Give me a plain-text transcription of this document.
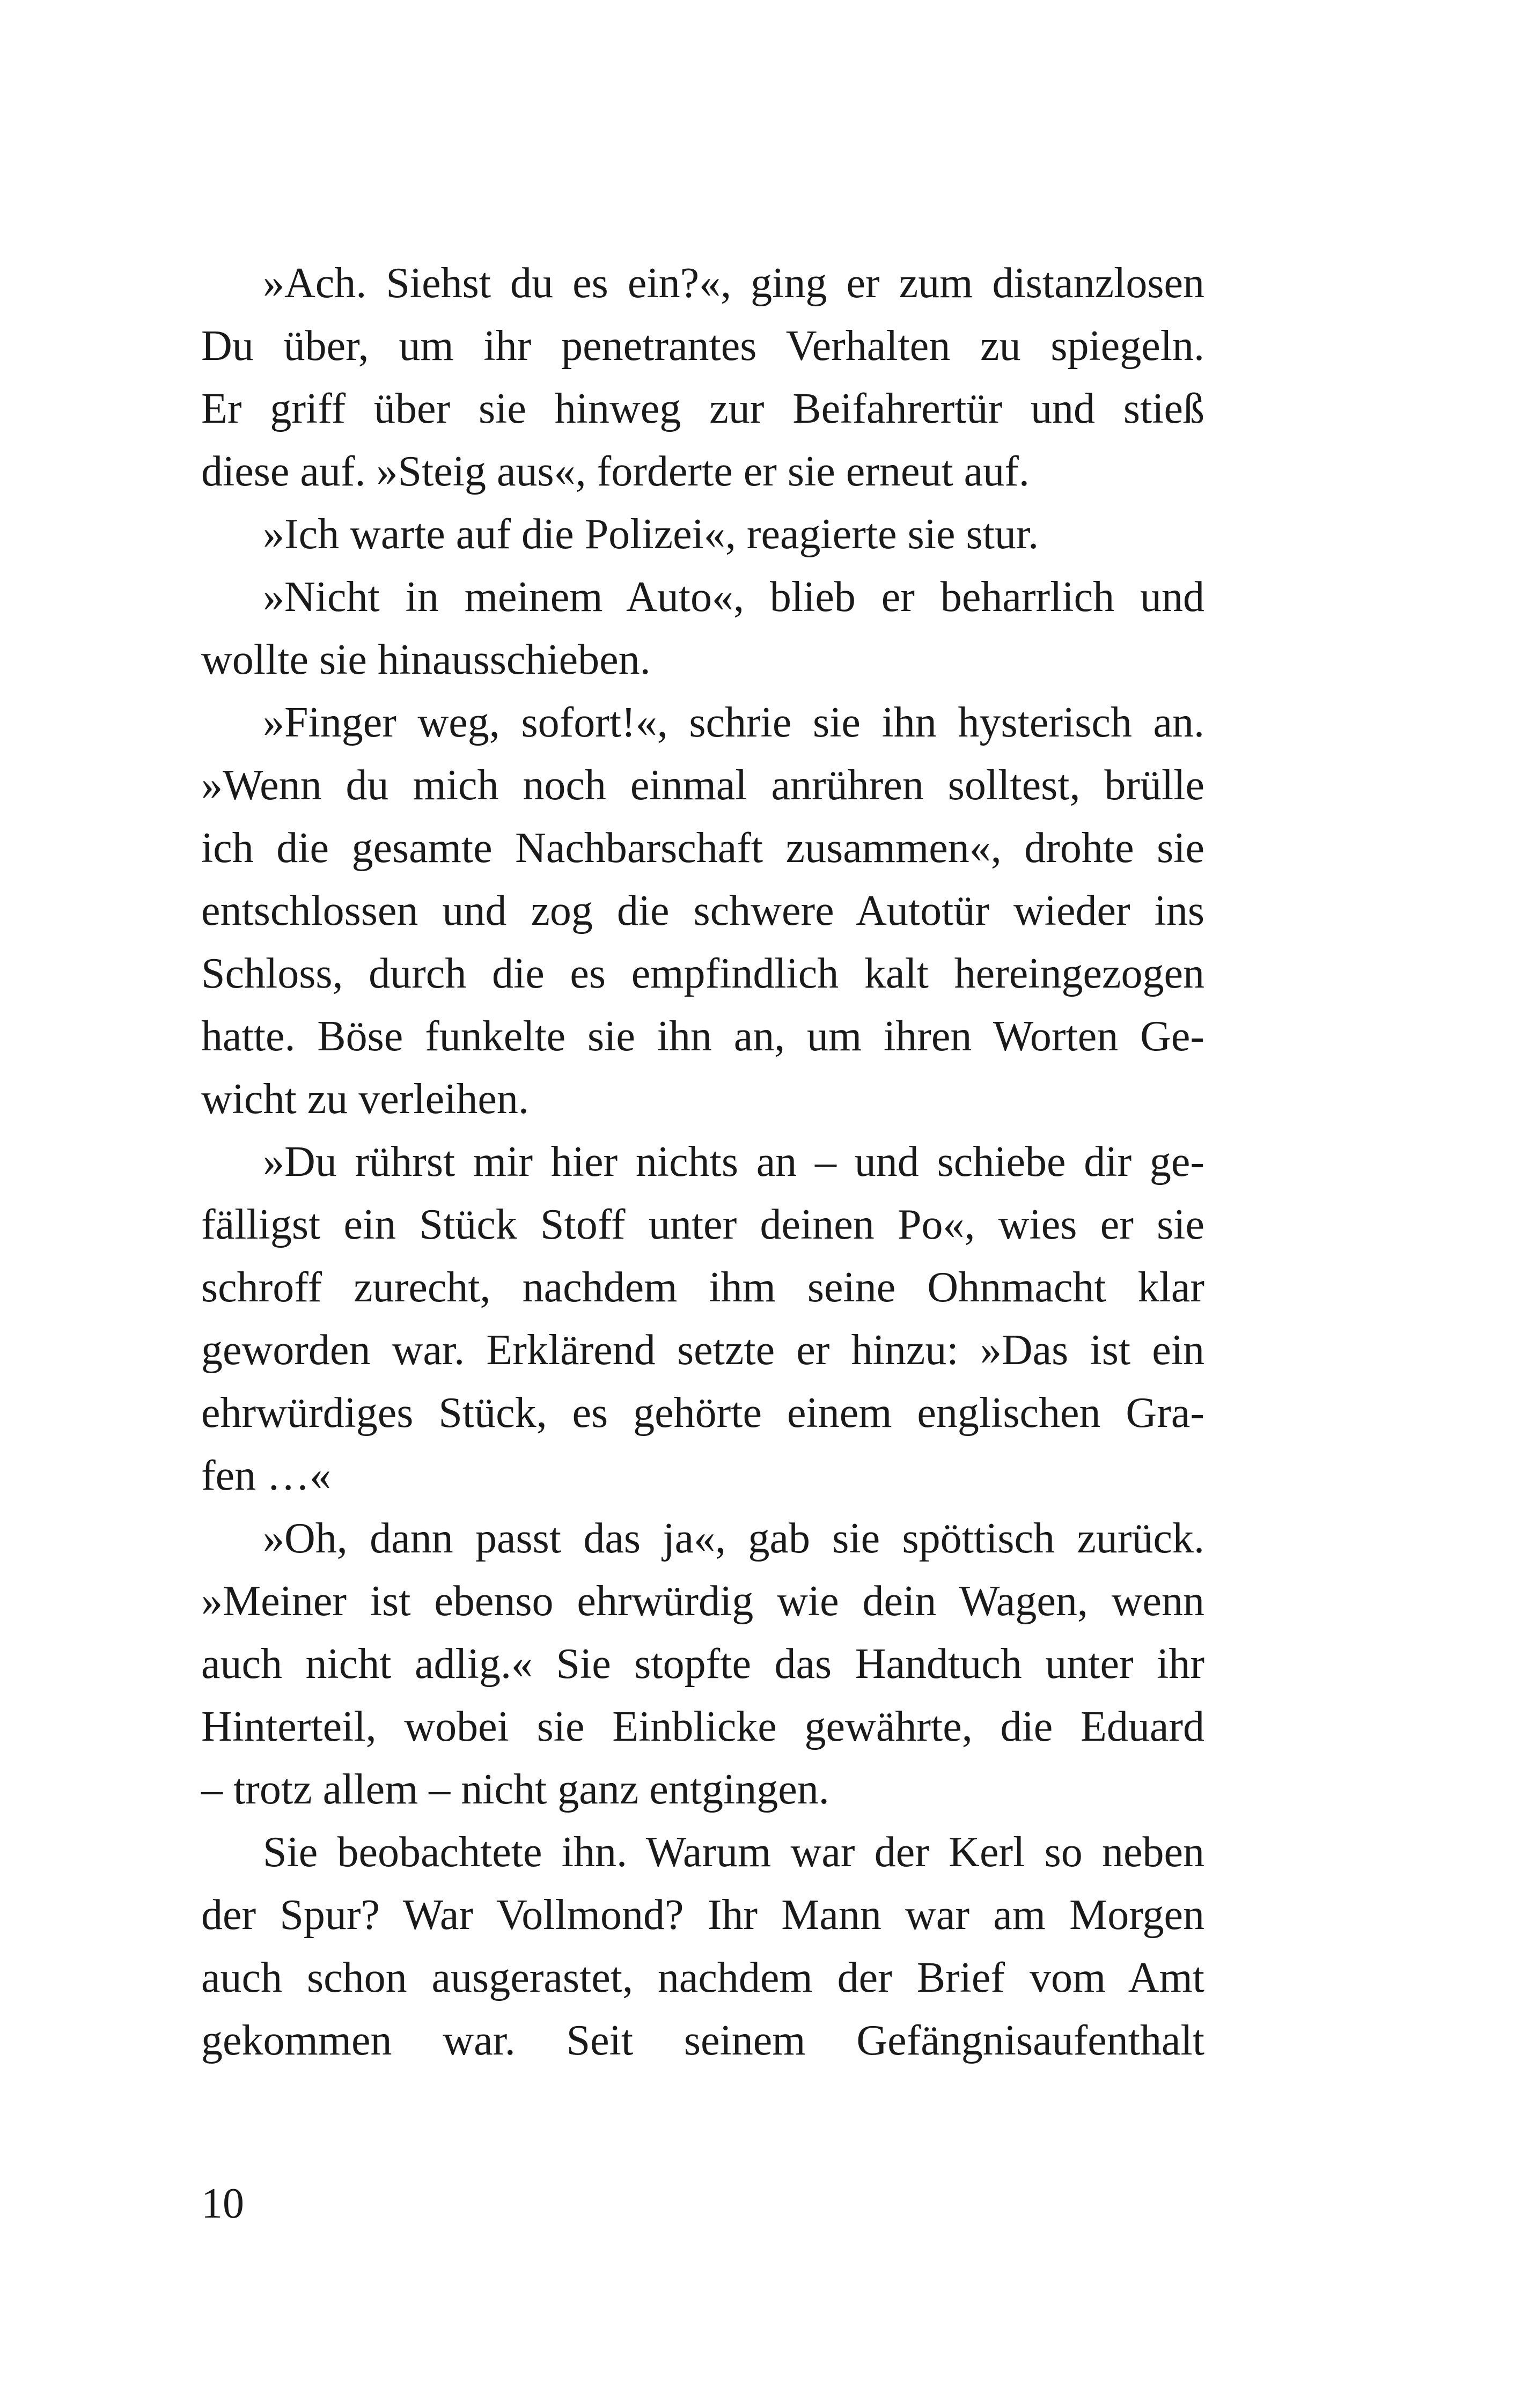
»Ach. Siehst du es ein?«, ging er zum distanzlosen
Du über, um ihr penetrantes Verhalten zu spiegeln.
Er griff über sie hinweg zur Beifahrertür und stieß
diese auf. »Steig aus«, forderte er sie erneut auf.
»Ich warte auf die Polizei«, reagierte sie stur.
»Nicht in meinem Auto«, blieb er beharrlich und
wollte sie hinausschieben.
»Finger weg, sofort!«, schrie sie ihn hysterisch an.
»Wenn du mich noch einmal anrühren solltest, brülle
ich die gesamte Nachbarschaft zusammen«, drohte sie
entschlossen und zog die schwere Autotür wieder ins
Schloss, durch die es empfindlich kalt hereingezogen
hatte. Böse funkelte sie ihn an, um ihren Worten Ge-
wicht zu verleihen.
»Du rührst mir hier nichts an – und schiebe dir ge-
fälligst ein Stück Stoff unter deinen Po«, wies er sie
schroff zurecht, nachdem ihm seine Ohnmacht klar
geworden war. Erklärend setzte er hinzu: »Das ist ein
ehrwürdiges Stück, es gehörte einem englischen Gra-
fen …«
»Oh, dann passt das ja«, gab sie spöttisch zurück.
»Meiner ist ebenso ehrwürdig wie dein Wagen, wenn
auch nicht adlig.« Sie stopfte das Handtuch unter ihr
Hinterteil, wobei sie Einblicke gewährte, die Eduard
– trotz allem – nicht ganz entgingen.
Sie beobachtete ihn. Warum war der Kerl so neben
der Spur? War Vollmond? Ihr Mann war am Morgen
auch schon ausgerastet, nachdem der Brief vom Amt
gekommen war. Seit seinem Gefängnisaufenthalt
10
